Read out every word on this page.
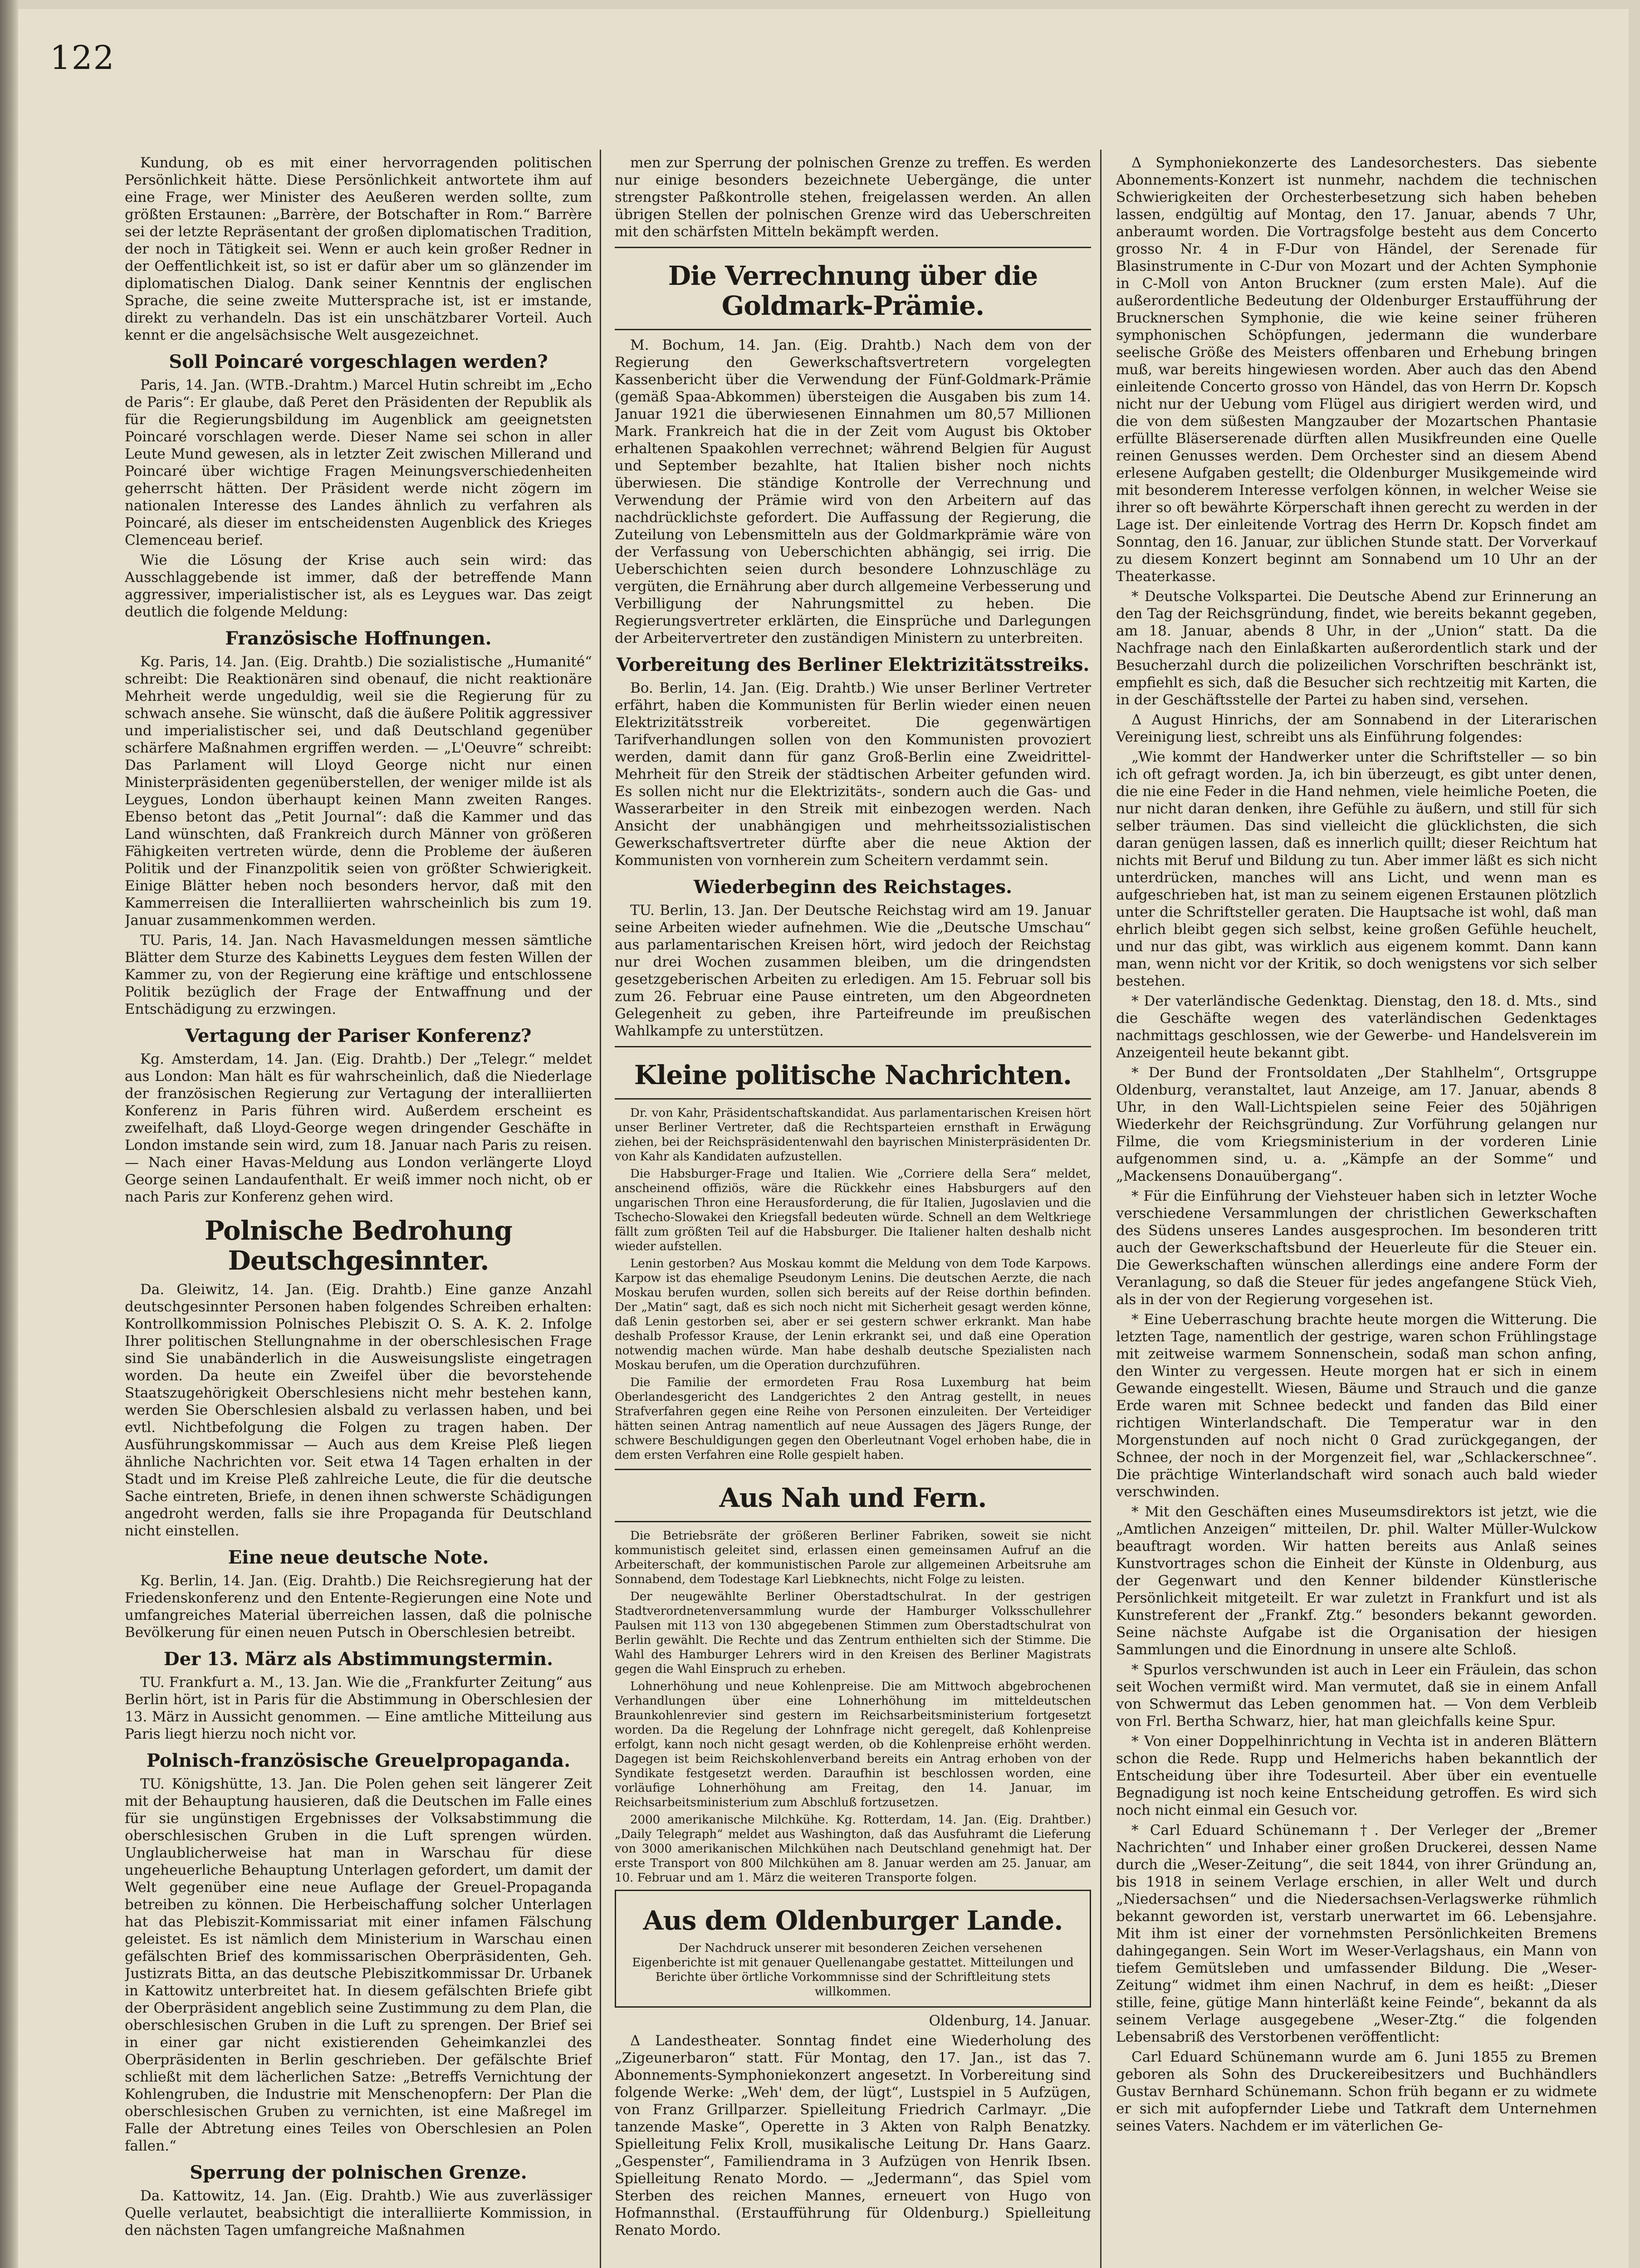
122

Kundung, ob es mit einer hervorragenden politischen Persönlichkeit hätte. Diese Persönlichkeit antwortete ihm auf eine Frage, wer Minister des Aeußeren werden sollte, zum größten Erstaunen: „Barrère, der Botschafter in Rom.“ Barrère sei der letzte Repräsentant der großen diplomatischen Tradition, der noch in Tätigkeit sei. Wenn er auch kein großer Redner in der Oeffentlichkeit ist, so ist er dafür aber um so glänzender im diplomatischen Dialog. Dank seiner Kenntnis der englischen Sprache, die seine zweite Muttersprache ist, ist er imstande, direkt zu verhandeln. Das ist ein unschätzbarer Vorteil. Auch kennt er die angelsächsische Welt ausgezeichnet.

Soll Poincaré vorgeschlagen werden?

Paris, 14. Jan. (WTB.-Drahtm.) Marcel Hutin schreibt im „Echo de Paris“: Er glaube, daß Peret den Präsidenten der Republik als für die Regierungsbildung im Augenblick am geeignetsten Poincaré vorschlagen werde. Dieser Name sei schon in aller Leute Mund gewesen, als in letzter Zeit zwischen Millerand und Poincaré über wichtige Fragen Meinungsverschiedenheiten geherrscht hätten. Der Präsident werde nicht zögern im nationalen Interesse des Landes ähnlich zu verfahren als Poincaré, als dieser im entscheidensten Augenblick des Krieges Clemenceau berief.

Wie die Lösung der Krise auch sein wird: das Ausschlaggebende ist immer, daß der betreffende Mann aggressiver, imperialistischer ist, als es Leygues war. Das zeigt deutlich die folgende Meldung:

Französische Hoffnungen.

Kg. Paris, 14. Jan. (Eig. Drahtb.) Die sozialistische „Humanité“ schreibt: Die Reaktionären sind obenauf, die nicht reaktionäre Mehrheit werde ungeduldig, weil sie die Regierung für zu schwach ansehe. Sie wünscht, daß die äußere Politik aggressiver und imperialistischer sei, und daß Deutschland gegenüber schärfere Maßnahmen ergriffen werden. — „L'Oeuvre“ schreibt: Das Parlament will Lloyd George nicht nur einen Ministerpräsidenten gegenüberstellen, der weniger milde ist als Leygues, London überhaupt keinen Mann zweiten Ranges. Ebenso betont das „Petit Journal“: daß die Kammer und das Land wünschten, daß Frankreich durch Männer von größeren Fähigkeiten vertreten würde, denn die Probleme der äußeren Politik und der Finanzpolitik seien von größter Schwierigkeit. Einige Blätter heben noch besonders hervor, daß mit den Kammerreisen die Interalliierten wahrscheinlich bis zum 19. Januar zusammenkommen werden.

TU. Paris, 14. Jan. Nach Havasmeldungen messen sämtliche Blätter dem Sturze des Kabinetts Leygues dem festen Willen der Kammer zu, von der Regierung eine kräftige und entschlossene Politik bezüglich der Frage der Entwaffnung und der Entschädigung zu erzwingen.

Vertagung der Pariser Konferenz?

Kg. Amsterdam, 14. Jan. (Eig. Drahtb.) Der „Telegr.“ meldet aus London: Man hält es für wahrscheinlich, daß die Niederlage der französischen Regierung zur Vertagung der interalliierten Konferenz in Paris führen wird. Außerdem erscheint es zweifelhaft, daß Lloyd-George wegen dringender Geschäfte in London imstande sein wird, zum 18. Januar nach Paris zu reisen. — Nach einer Havas-Meldung aus London verlängerte Lloyd George seinen Landaufenthalt. Er weiß immer noch nicht, ob er nach Paris zur Konferenz gehen wird.

Polnische Bedrohung Deutschgesinnter.

Da. Gleiwitz, 14. Jan. (Eig. Drahtb.) Eine ganze Anzahl deutschgesinnter Personen haben folgendes Schreiben erhalten: Kontrollkommission Polnisches Plebiszit O. S. A. K. 2. Infolge Ihrer politischen Stellungnahme in der oberschlesischen Frage sind Sie unabänderlich in die Ausweisungsliste eingetragen worden. Da heute ein Zweifel über die bevorstehende Staatszugehörigkeit Oberschlesiens nicht mehr bestehen kann, werden Sie Oberschlesien alsbald zu verlassen haben, und bei evtl. Nichtbefolgung die Folgen zu tragen haben. Der Ausführungskommissar — Auch aus dem Kreise Pleß liegen ähnliche Nachrichten vor. Seit etwa 14 Tagen erhalten in der Stadt und im Kreise Pleß zahlreiche Leute, die für die deutsche Sache eintreten, Briefe, in denen ihnen schwerste Schädigungen angedroht werden, falls sie ihre Propaganda für Deutschland nicht einstellen.

Eine neue deutsche Note.

Kg. Berlin, 14. Jan. (Eig. Drahtb.) Die Reichsregierung hat der Friedenskonferenz und den Entente-Regierungen eine Note und umfangreiches Material überreichen lassen, daß die polnische Bevölkerung für einen neuen Putsch in Oberschlesien betreibt.

Der 13. März als Abstimmungstermin.

TU. Frankfurt a. M., 13. Jan. Wie die „Frankfurter Zeitung“ aus Berlin hört, ist in Paris für die Abstimmung in Oberschlesien der 13. März in Aussicht genommen. — Eine amtliche Mitteilung aus Paris liegt hierzu noch nicht vor.

Polnisch-französische Greuelpropaganda.

TU. Königshütte, 13. Jan. Die Polen gehen seit längerer Zeit mit der Behauptung hausieren, daß die Deutschen im Falle eines für sie ungünstigen Ergebnisses der Volksabstimmung die oberschlesischen Gruben in die Luft sprengen würden. Unglaublicherweise hat man in Warschau für diese ungeheuerliche Behauptung Unterlagen gefordert, um damit der Welt gegenüber eine neue Auflage der Greuel-Propaganda betreiben zu können. Die Herbeischaffung solcher Unterlagen hat das Plebiszit-Kommissariat mit einer infamen Fälschung geleistet. Es ist nämlich dem Ministerium in Warschau einen gefälschten Brief des kommissarischen Oberpräsidenten, Geh. Justizrats Bitta, an das deutsche Plebiszitkommissar Dr. Urbanek in Kattowitz unterbreitet hat. In diesem gefälschten Briefe gibt der Oberpräsident angeblich seine Zustimmung zu dem Plan, die oberschlesischen Gruben in die Luft zu sprengen. Der Brief sei in einer gar nicht existierenden Geheimkanzlei des Oberpräsidenten in Berlin geschrieben. Der gefälschte Brief schließt mit dem lächerlichen Satze: „Betreffs Vernichtung der Kohlengruben, die Industrie mit Menschenopfern: Der Plan die oberschlesischen Gruben zu vernichten, ist eine Maßregel im Falle der Abtretung eines Teiles von Oberschlesien an Polen fallen.“

Sperrung der polnischen Grenze.

Da. Kattowitz, 14. Jan. (Eig. Drahtb.) Wie aus zuverlässiger Quelle verlautet, beabsichtigt die interalliierte Kommission, in den nächsten Tagen umfangreiche Maßnahmen

men zur Sperrung der polnischen Grenze zu treffen. Es werden nur einige besonders bezeichnete Uebergänge, die unter strengster Paßkontrolle stehen, freigelassen werden. An allen übrigen Stellen der polnischen Grenze wird das Ueberschreiten mit den schärfsten Mitteln bekämpft werden.

Die Verrechnung über die Goldmark-Prämie.

M. Bochum, 14. Jan. (Eig. Drahtb.) Nach dem von der Regierung den Gewerkschaftsvertretern vorgelegten Kassenbericht über die Verwendung der Fünf-Goldmark-Prämie (gemäß Spaa-Abkommen) übersteigen die Ausgaben bis zum 14. Januar 1921 die überwiesenen Einnahmen um 80,57 Millionen Mark. Frankreich hat die in der Zeit vom August bis Oktober erhaltenen Spaakohlen verrechnet; während Belgien für August und September bezahlte, hat Italien bisher noch nichts überwiesen. Die ständige Kontrolle der Verrechnung und Verwendung der Prämie wird von den Arbeitern auf das nachdrücklichste gefordert. Die Auffassung der Regierung, die Zuteilung von Lebensmitteln aus der Goldmarkprämie wäre von der Verfassung von Ueberschichten abhängig, sei irrig. Die Ueberschichten seien durch besondere Lohnzuschläge zu vergüten, die Ernährung aber durch allgemeine Verbesserung und Verbilligung der Nahrungsmittel zu heben. Die Regierungsvertreter erklärten, die Einsprüche und Darlegungen der Arbeitervertreter den zuständigen Ministern zu unterbreiten.

Vorbereitung des Berliner Elektrizitätsstreiks.

Bo. Berlin, 14. Jan. (Eig. Drahtb.) Wie unser Berliner Vertreter erfährt, haben die Kommunisten für Berlin wieder einen neuen Elektrizitätsstreik vorbereitet. Die gegenwärtigen Tarifverhandlungen sollen von den Kommunisten provoziert werden, damit dann für ganz Groß-Berlin eine Zweidrittel-Mehrheit für den Streik der städtischen Arbeiter gefunden wird. Es sollen nicht nur die Elektrizitäts-, sondern auch die Gas- und Wasserarbeiter in den Streik mit einbezogen werden. Nach Ansicht der unabhängigen und mehrheitssozialistischen Gewerkschaftsvertreter dürfte aber die neue Aktion der Kommunisten von vornherein zum Scheitern verdammt sein.

Wiederbeginn des Reichstages.

TU. Berlin, 13. Jan. Der Deutsche Reichstag wird am 19. Januar seine Arbeiten wieder aufnehmen. Wie die „Deutsche Umschau“ aus parlamentarischen Kreisen hört, wird jedoch der Reichstag nur drei Wochen zusammen bleiben, um die dringendsten gesetzgeberischen Arbeiten zu erledigen. Am 15. Februar soll bis zum 26. Februar eine Pause eintreten, um den Abgeordneten Gelegenheit zu geben, ihre Parteifreunde im preußischen Wahlkampfe zu unterstützen.

Kleine politische Nachrichten.

Dr. von Kahr, Präsidentschaftskandidat. Aus parlamentarischen Kreisen hört unser Berliner Vertreter, daß die Rechtsparteien ernsthaft in Erwägung ziehen, bei der Reichspräsidentenwahl den bayrischen Ministerpräsidenten Dr. von Kahr als Kandidaten aufzustellen.

Die Habsburger-Frage und Italien. Wie „Corriere della Sera“ meldet, anscheinend offiziös, wäre die Rückkehr eines Habsburgers auf den ungarischen Thron eine Herausforderung, die für Italien, Jugoslavien und die Tschecho-Slowakei den Kriegsfall bedeuten würde. Schnell an dem Weltkriege fällt zum größten Teil auf die Habsburger. Die Italiener halten deshalb nicht wieder aufstellen.

Lenin gestorben? Aus Moskau kommt die Meldung von dem Tode Karpows. Karpow ist das ehemalige Pseudonym Lenins. Die deutschen Aerzte, die nach Moskau berufen wurden, sollen sich bereits auf der Reise dorthin befinden. Der „Matin“ sagt, daß es sich noch nicht mit Sicherheit gesagt werden könne, daß Lenin gestorben sei, aber er sei gestern schwer erkrankt. Man habe deshalb Professor Krause, der Lenin erkrankt sei, und daß eine Operation notwendig machen würde. Man habe deshalb deutsche Spezialisten nach Moskau berufen, um die Operation durchzuführen.

Die Familie der ermordeten Frau Rosa Luxemburg hat beim Oberlandesgericht des Landgerichtes 2 den Antrag gestellt, in neues Strafverfahren gegen eine Reihe von Personen einzuleiten. Der Verteidiger hätten seinen Antrag namentlich auf neue Aussagen des Jägers Runge, der schwere Beschuldigungen gegen den Oberleutnant Vogel erhoben habe, die in dem ersten Verfahren eine Rolle gespielt haben.

Aus Nah und Fern.

Die Betriebsräte der größeren Berliner Fabriken, soweit sie nicht kommunistisch geleitet sind, erlassen einen gemeinsamen Aufruf an die Arbeiterschaft, der kommunistischen Parole zur allgemeinen Arbeitsruhe am Sonnabend, dem Todestage Karl Liebknechts, nicht Folge zu leisten.

Der neugewählte Berliner Oberstadtschulrat. In der gestrigen Stadtverordnetenversammlung wurde der Hamburger Volksschullehrer Paulsen mit 113 von 130 abgegebenen Stimmen zum Oberstadtschulrat von Berlin gewählt. Die Rechte und das Zentrum enthielten sich der Stimme. Die Wahl des Hamburger Lehrers wird in den Kreisen des Berliner Magistrats gegen die Wahl Einspruch zu erheben.

Lohnerhöhung und neue Kohlenpreise. Die am Mittwoch abgebrochenen Verhandlungen über eine Lohnerhöhung im mitteldeutschen Braunkohlenrevier sind gestern im Reichsarbeitsministerium fortgesetzt worden. Da die Regelung der Lohnfrage nicht geregelt, daß Kohlenpreise erfolgt, kann noch nicht gesagt werden, ob die Kohlenpreise erhöht werden. Dagegen ist beim Reichskohlenverband bereits ein Antrag erhoben von der Syndikate festgesetzt werden. Daraufhin ist beschlossen worden, eine vorläufige Lohnerhöhung am Freitag, den 14. Januar, im Reichsarbeitsministerium zum Abschluß fortzusetzen.

2000 amerikanische Milchkühe. Kg. Rotterdam, 14. Jan. (Eig. Drahtber.) „Daily Telegraph“ meldet aus Washington, daß das Ausfuhramt die Lieferung von 3000 amerikanischen Milchkühen nach Deutschland genehmigt hat. Der erste Transport von 800 Milchkühen am 8. Januar werden am 25. Januar, am 10. Februar und am 1. März die weiteren Transporte folgen.

Aus dem Oldenburger Lande.

Der Nachdruck unserer mit besonderen Zeichen versehenen Eigenberichte ist mit genauer Quellenangabe gestattet. Mitteilungen und Berichte über örtliche Vorkommnisse sind der Schriftleitung stets willkommen.

Oldenburg, 14. Januar.

Δ Landestheater. Sonntag findet eine Wiederholung des „Zigeunerbaron“ statt. Für Montag, den 17. Jan., ist das 7. Abonnements-Symphoniekonzert angesetzt. In Vorbereitung sind folgende Werke: „Weh' dem, der lügt“, Lustspiel in 5 Aufzügen, von Franz Grillparzer. Spielleitung Friedrich Carlmayr. „Die tanzende Maske“, Operette in 3 Akten von Ralph Benatzky. Spielleitung Felix Kroll, musikalische Leitung Dr. Hans Gaarz. „Gespenster“, Familiendrama in 3 Aufzügen von Henrik Ibsen. Spielleitung Renato Mordo. — „Jedermann“, das Spiel vom Sterben des reichen Mannes, erneuert von Hugo von Hofmannsthal. (Erstaufführung für Oldenburg.) Spielleitung Renato Mordo.

Δ Symphoniekonzerte des Landesorchesters. Das siebente Abonnements-Konzert ist nunmehr, nachdem die technischen Schwierigkeiten der Orchesterbesetzung sich haben beheben lassen, endgültig auf Montag, den 17. Januar, abends 7 Uhr, anberaumt worden. Die Vortragsfolge besteht aus dem Concerto grosso Nr. 4 in F-Dur von Händel, der Serenade für Blasinstrumente in C-Dur von Mozart und der Achten Symphonie in C-Moll von Anton Bruckner (zum ersten Male). Auf die außerordentliche Bedeutung der Oldenburger Erstaufführung der Brucknerschen Symphonie, die wie keine seiner früheren symphonischen Schöpfungen, jedermann die wunderbare seelische Größe des Meisters offenbaren und Erhebung bringen muß, war bereits hingewiesen worden. Aber auch das den Abend einleitende Concerto grosso von Händel, das von Herrn Dr. Kopsch nicht nur der Uebung vom Flügel aus dirigiert werden wird, und die von dem süßesten Mangzauber der Mozartschen Phantasie erfüllte Bläserserenade dürften allen Musikfreunden eine Quelle reinen Genusses werden. Dem Orchester sind an diesem Abend erlesene Aufgaben gestellt; die Oldenburger Musikgemeinde wird mit besonderem Interesse verfolgen können, in welcher Weise sie ihrer so oft bewährte Körperschaft ihnen gerecht zu werden in der Lage ist. Der einleitende Vortrag des Herrn Dr. Kopsch findet am Sonntag, den 16. Januar, zur üblichen Stunde statt. Der Vorverkauf zu diesem Konzert beginnt am Sonnabend um 10 Uhr an der Theaterkasse.

* Deutsche Volkspartei. Die Deutsche Abend zur Erinnerung an den Tag der Reichsgründung, findet, wie bereits bekannt gegeben, am 18. Januar, abends 8 Uhr, in der „Union“ statt. Da die Nachfrage nach den Einlaßkarten außerordentlich stark und der Besucherzahl durch die polizeilichen Vorschriften beschränkt ist, empfiehlt es sich, daß die Besucher sich rechtzeitig mit Karten, die in der Geschäftsstelle der Partei zu haben sind, versehen.

Δ August Hinrichs, der am Sonnabend in der Literarischen Vereinigung liest, schreibt uns als Einführung folgendes:

„Wie kommt der Handwerker unter die Schriftsteller — so bin ich oft gefragt worden. Ja, ich bin überzeugt, es gibt unter denen, die nie eine Feder in die Hand nehmen, viele heimliche Poeten, die nur nicht daran denken, ihre Gefühle zu äußern, und still für sich selber träumen. Das sind vielleicht die glücklichsten, die sich daran genügen lassen, daß es innerlich quillt; dieser Reichtum hat nichts mit Beruf und Bildung zu tun. Aber immer läßt es sich nicht unterdrücken, manches will ans Licht, und wenn man es aufgeschrieben hat, ist man zu seinem eigenen Erstaunen plötzlich unter die Schriftsteller geraten. Die Hauptsache ist wohl, daß man ehrlich bleibt gegen sich selbst, keine großen Gefühle heuchelt, und nur das gibt, was wirklich aus eigenem kommt. Dann kann man, wenn nicht vor der Kritik, so doch wenigstens vor sich selber bestehen.

* Der vaterländische Gedenktag. Dienstag, den 18. d. Mts., sind die Geschäfte wegen des vaterländischen Gedenktages nachmittags geschlossen, wie der Gewerbe- und Handelsverein im Anzeigenteil heute bekannt gibt.

* Der Bund der Frontsoldaten „Der Stahlhelm“, Ortsgruppe Oldenburg, veranstaltet, laut Anzeige, am 17. Januar, abends 8 Uhr, in den Wall-Lichtspielen seine Feier des 50jährigen Wiederkehr der Reichsgründung. Zur Vorführung gelangen nur Filme, die vom Kriegsministerium in der vorderen Linie aufgenommen sind, u. a. „Kämpfe an der Somme“ und „Mackensens Donauübergang“.

* Für die Einführung der Viehsteuer haben sich in letzter Woche verschiedene Versammlungen der christlichen Gewerkschaften des Südens unseres Landes ausgesprochen. Im besonderen tritt auch der Gewerkschaftsbund der Heuerleute für die Steuer ein. Die Gewerkschaften wünschen allerdings eine andere Form der Veranlagung, so daß die Steuer für jedes angefangene Stück Vieh, als in der von der Regierung vorgesehen ist.

* Eine Ueberraschung brachte heute morgen die Witterung. Die letzten Tage, namentlich der gestrige, waren schon Frühlingstage mit zeitweise warmem Sonnenschein, sodaß man schon anfing, den Winter zu vergessen. Heute morgen hat er sich in einem Gewande eingestellt. Wiesen, Bäume und Strauch und die ganze Erde waren mit Schnee bedeckt und fanden das Bild einer richtigen Winterlandschaft. Die Temperatur war in den Morgenstunden auf noch nicht 0 Grad zurückgegangen, der Schnee, der noch in der Morgenzeit fiel, war „Schlackerschnee“. Die prächtige Winterlandschaft wird sonach auch bald wieder verschwinden.

* Mit den Geschäften eines Museumsdirektors ist jetzt, wie die „Amtlichen Anzeigen“ mitteilen, Dr. phil. Walter Müller-Wulckow beauftragt worden. Wir hatten bereits aus Anlaß seines Kunstvortrages schon die Einheit der Künste in Oldenburg, aus der Gegenwart und den Kenner bildender Künstlerische Persönlichkeit mitgeteilt. Er war zuletzt in Frankfurt und ist als Kunstreferent der „Frankf. Ztg.“ besonders bekannt geworden. Seine nächste Aufgabe ist die Organisation der hiesigen Sammlungen und die Einordnung in unsere alte Schloß.

* Spurlos verschwunden ist auch in Leer ein Fräulein, das schon seit Wochen vermißt wird. Man vermutet, daß sie in einem Anfall von Schwermut das Leben genommen hat. — Von dem Verbleib von Frl. Bertha Schwarz, hier, hat man gleichfalls keine Spur.

* Von einer Doppelhinrichtung in Vechta ist in anderen Blättern schon die Rede. Rupp und Helmerichs haben bekanntlich der Entscheidung über ihre Todesurteil. Aber über ein eventuelle Begnadigung ist noch keine Entscheidung getroffen. Es wird sich noch nicht einmal ein Gesuch vor.

* Carl Eduard Schünemann †. Der Verleger der „Bremer Nachrichten“ und Inhaber einer großen Druckerei, dessen Name durch die „Weser-Zeitung“, die seit 1844, von ihrer Gründung an, bis 1918 in seinem Verlage erschien, in aller Welt und durch „Niedersachsen“ und die Niedersachsen-Verlagswerke rühmlich bekannt geworden ist, verstarb unerwartet im 66. Lebensjahre. Mit ihm ist einer der vornehmsten Persönlichkeiten Bremens dahingegangen. Sein Wort im Weser-Verlagshaus, ein Mann von tiefem Gemütsleben und umfassender Bildung. Die „Weser-Zeitung“ widmet ihm einen Nachruf, in dem es heißt: „Dieser stille, feine, gütige Mann hinterläßt keine Feinde“, bekannt da als seinem Verlage ausgegebene „Weser-Ztg.“ die folgenden Lebensabriß des Verstorbenen veröffentlicht:

Carl Eduard Schünemann wurde am 6. Juni 1855 zu Bremen geboren als Sohn des Druckereibesitzers und Buchhändlers Gustav Bernhard Schünemann. Schon früh begann er zu widmete er sich mit aufopfernder Liebe und Tatkraft dem Unternehmen seines Vaters. Nachdem er im väterlichen Ge-
